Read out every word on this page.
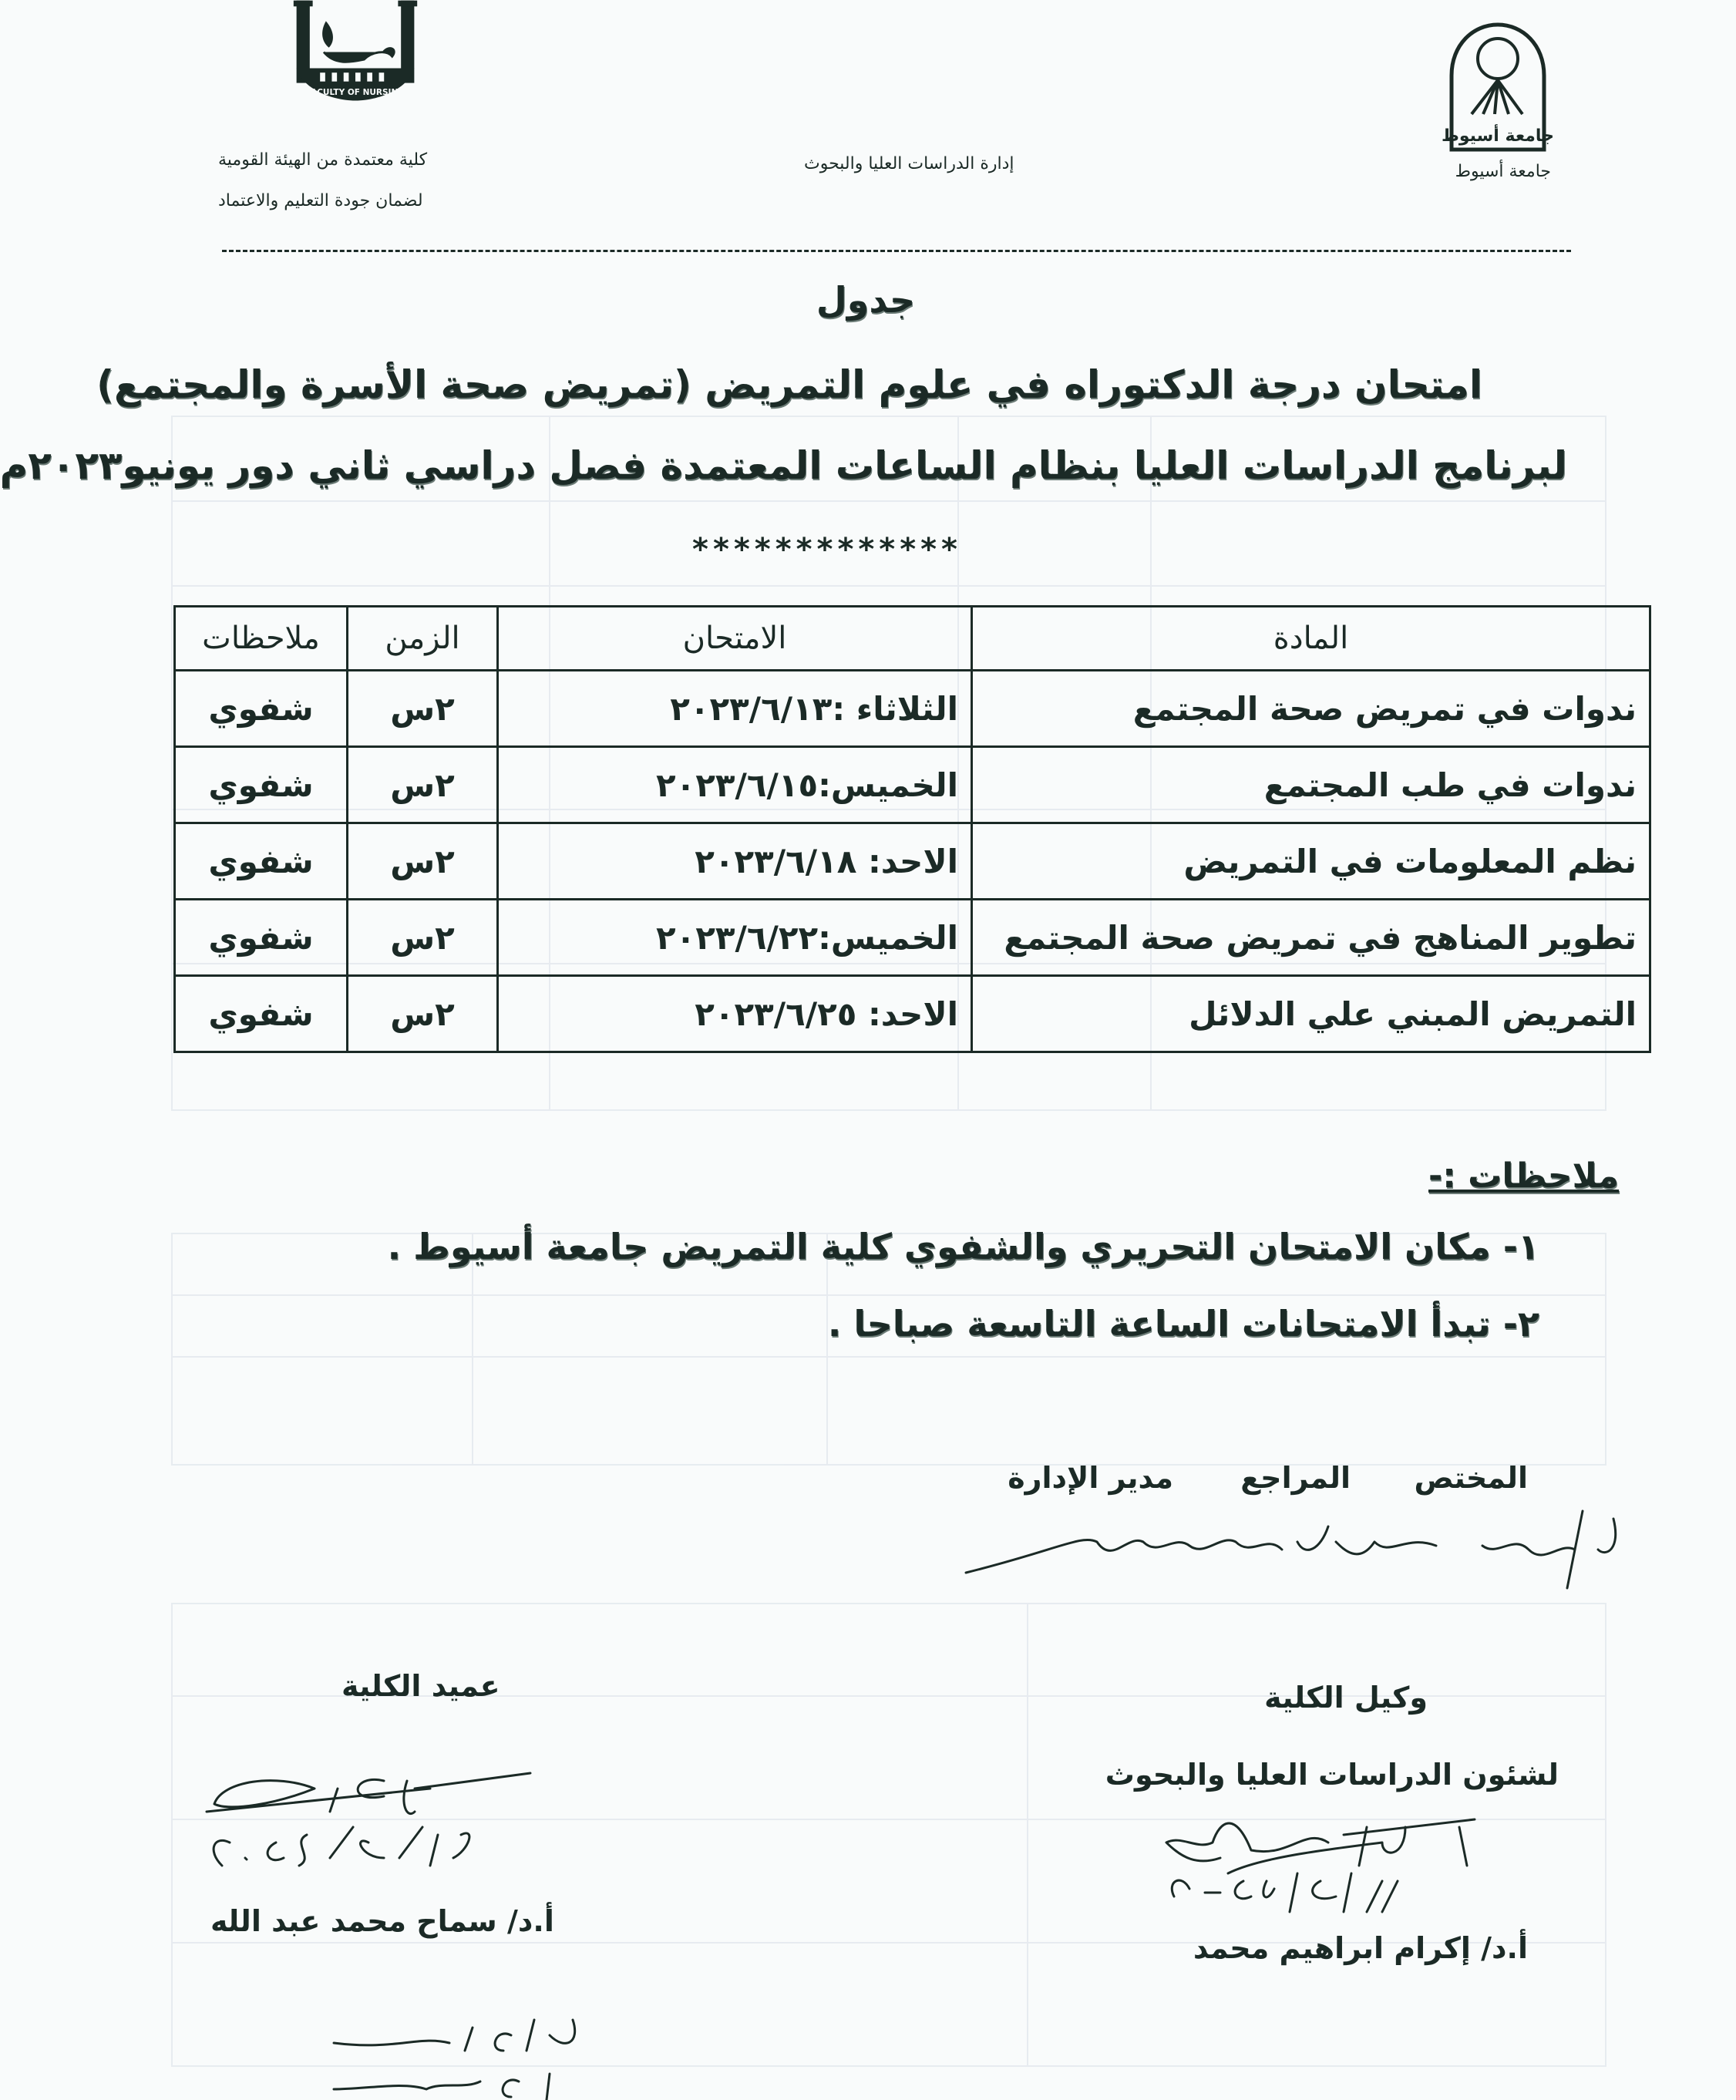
FACULTY OF NURSING
جامعة أسيوط
جامعة أسيوط
إدارة الدراسات العليا والبحوث
كلية معتمدة من الهيئة القومية
لضمان جودة التعليم والاعتماد
جدول
امتحان درجة الدكتوراه في علوم التمريض (تمريض صحة الأسرة والمجتمع)
لبرنامج الدراسات العليا بنظام الساعات المعتمدة فصل دراسي ثاني دور يونيو٢٠٢٣م
*************
المادة	الامتحان	الزمن	ملاحظات
ندوات في تمريض صحة المجتمع	الثلاثاء :٢٠٢٣/٦/١٣	٢س	شفوي
ندوات في طب المجتمع	الخميس:٢٠٢٣/٦/١٥	٢س	شفوي
نظم المعلومات في التمريض	الاحد: ٢٠٢٣/٦/١٨	٢س	شفوي
تطوير المناهج في تمريض صحة المجتمع	الخميس:٢٠٢٣/٦/٢٢	٢س	شفوي
التمريض المبني علي الدلائل	الاحد: ٢٠٢٣/٦/٢٥	٢س	شفوي
ملاحظات :-
١- مكان الامتحان التحريري والشفوي كلية التمريض جامعة أسيوط .
٢- تبدأ الامتحانات الساعة التاسعة صباحا .
المختص
المراجع
مدير الإدارة
وكيل الكلية
لشئون الدراسات العليا والبحوث
أ.د/ إكرام ابراهيم محمد
عميد الكلية
أ.د/ سماح محمد عبد الله
